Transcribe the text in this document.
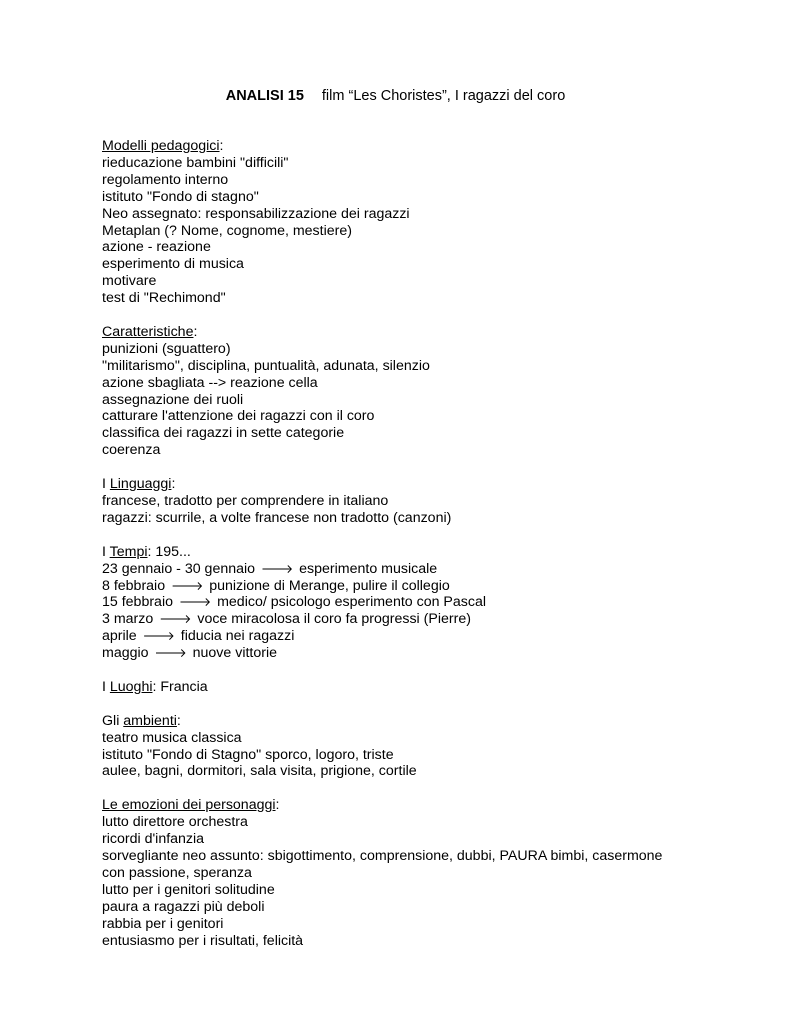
ANALISI 15 film “Les Choristes”, I ragazzi del coro
Modelli pedagogici:
rieducazione bambini "difficili"
regolamento interno
istituto "Fondo di stagno"
Neo assegnato: responsabilizzazione dei ragazzi
Metaplan (? Nome, cognome, mestiere)
azione - reazione
esperimento di musica
motivare
test di "Rechimond"
Caratteristiche:
punizioni (sguattero)
"militarismo", disciplina, puntualità, adunata, silenzio
azione sbagliata --> reazione cella
assegnazione dei ruoli
catturare l'attenzione dei ragazzi con il coro
classifica dei ragazzi in sette categorie
coerenza
I Linguaggi:
francese, tradotto per comprendere in italiano
ragazzi: scurrile, a volte francese non tradotto (canzoni)
I Tempi: 195...
23 gennaio - 30 gennaio 🡒 esperimento musicale
8 febbraio 🡒 punizione di Merange, pulire il collegio
15 febbraio 🡒 medico/ psicologo esperimento con Pascal
3 marzo 🡒 voce miracolosa il coro fa progressi (Pierre)
aprile 🡒 fiducia nei ragazzi
maggio 🡒 nuove vittorie
I Luoghi: Francia
Gli ambienti:
teatro musica classica
istituto "Fondo di Stagno" sporco, logoro, triste
aulee, bagni, dormitori, sala visita, prigione, cortile
Le emozioni dei personaggi:
lutto direttore orchestra
ricordi d'infanzia
sorvegliante neo assunto: sbigottimento, comprensione, dubbi, PAURA bimbi, casermone
con passione, speranza
lutto per i genitori solitudine
paura a ragazzi più deboli
rabbia per i genitori
entusiasmo per i risultati, felicità
